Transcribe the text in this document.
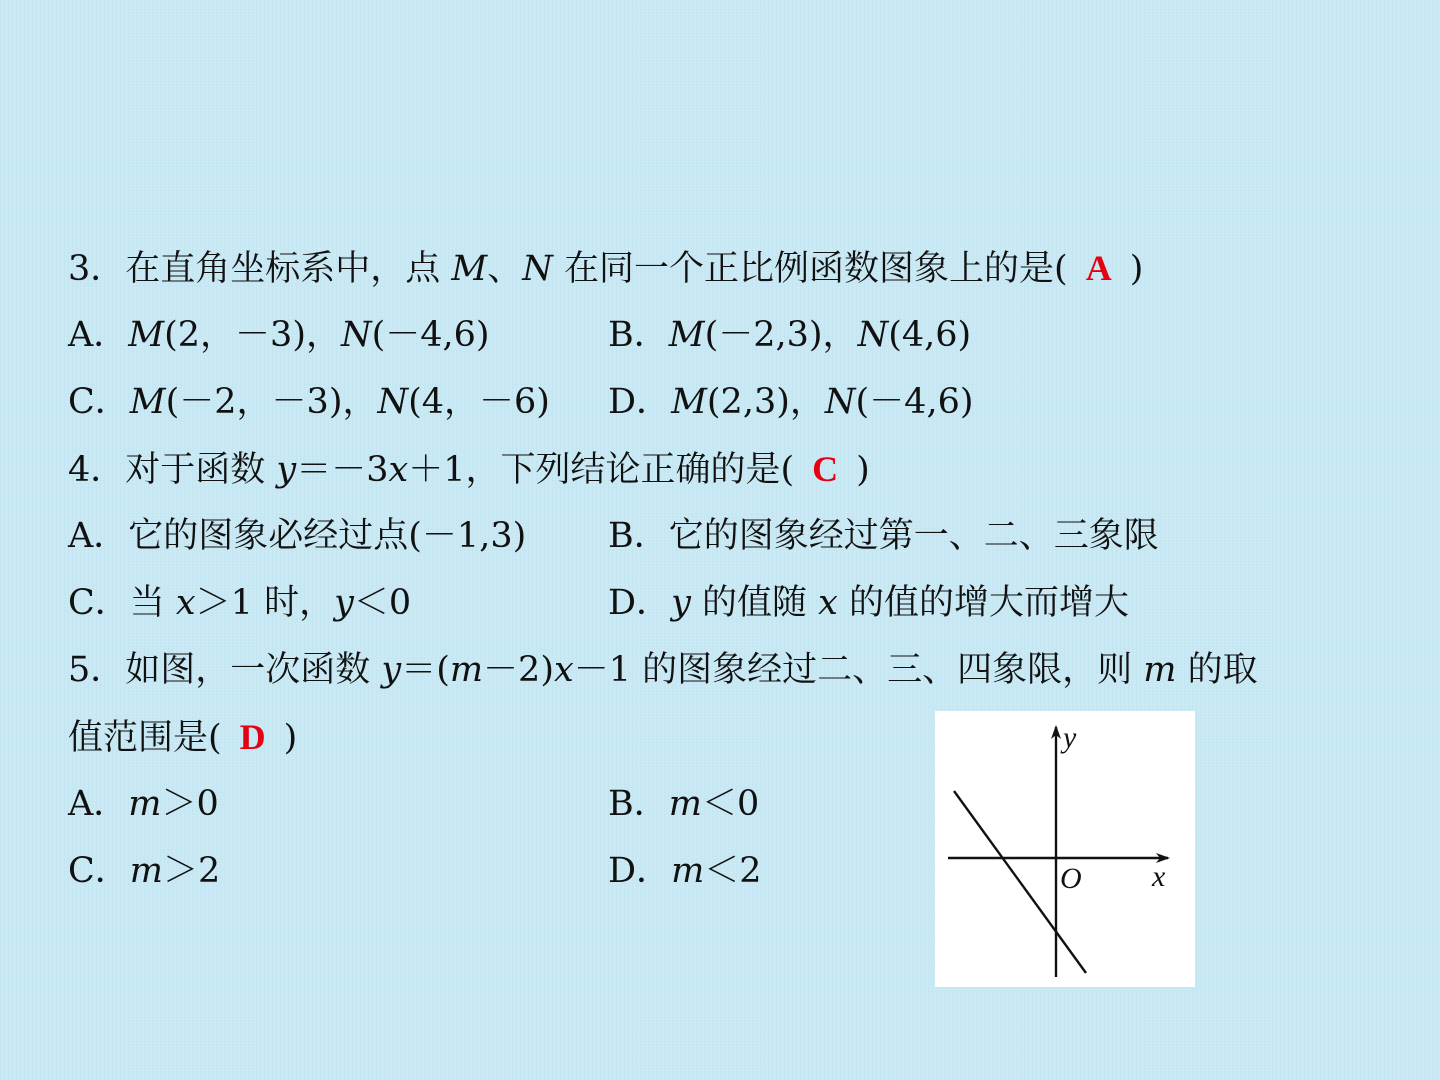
3．在直角坐标系中，点 M、N 在同一个正比例函数图象上的是( A )
A．M(2，－3)，N(－4,6)	B．M(－2,3)，N(4,6)
C．M(－2，－3)，N(4，－6) D．M(2,3)，N(－4,6)
4．对于函数 y＝－3x＋1，下列结论正确的是( C )
A．它的图象必经过点(－1,3) B．它的图象经过第一、二、三象限
C．当 x＞1 时，y＜0	D．y 的值随 x 的值的增大而增大
5．如图，一次函数 y＝(m－2)x－1 的图象经过二、三、四象限，则 m 的取
值范围是( D )
A．m＞0	B．m＜0
C．m＞2	D．m＜2
y
x
O
